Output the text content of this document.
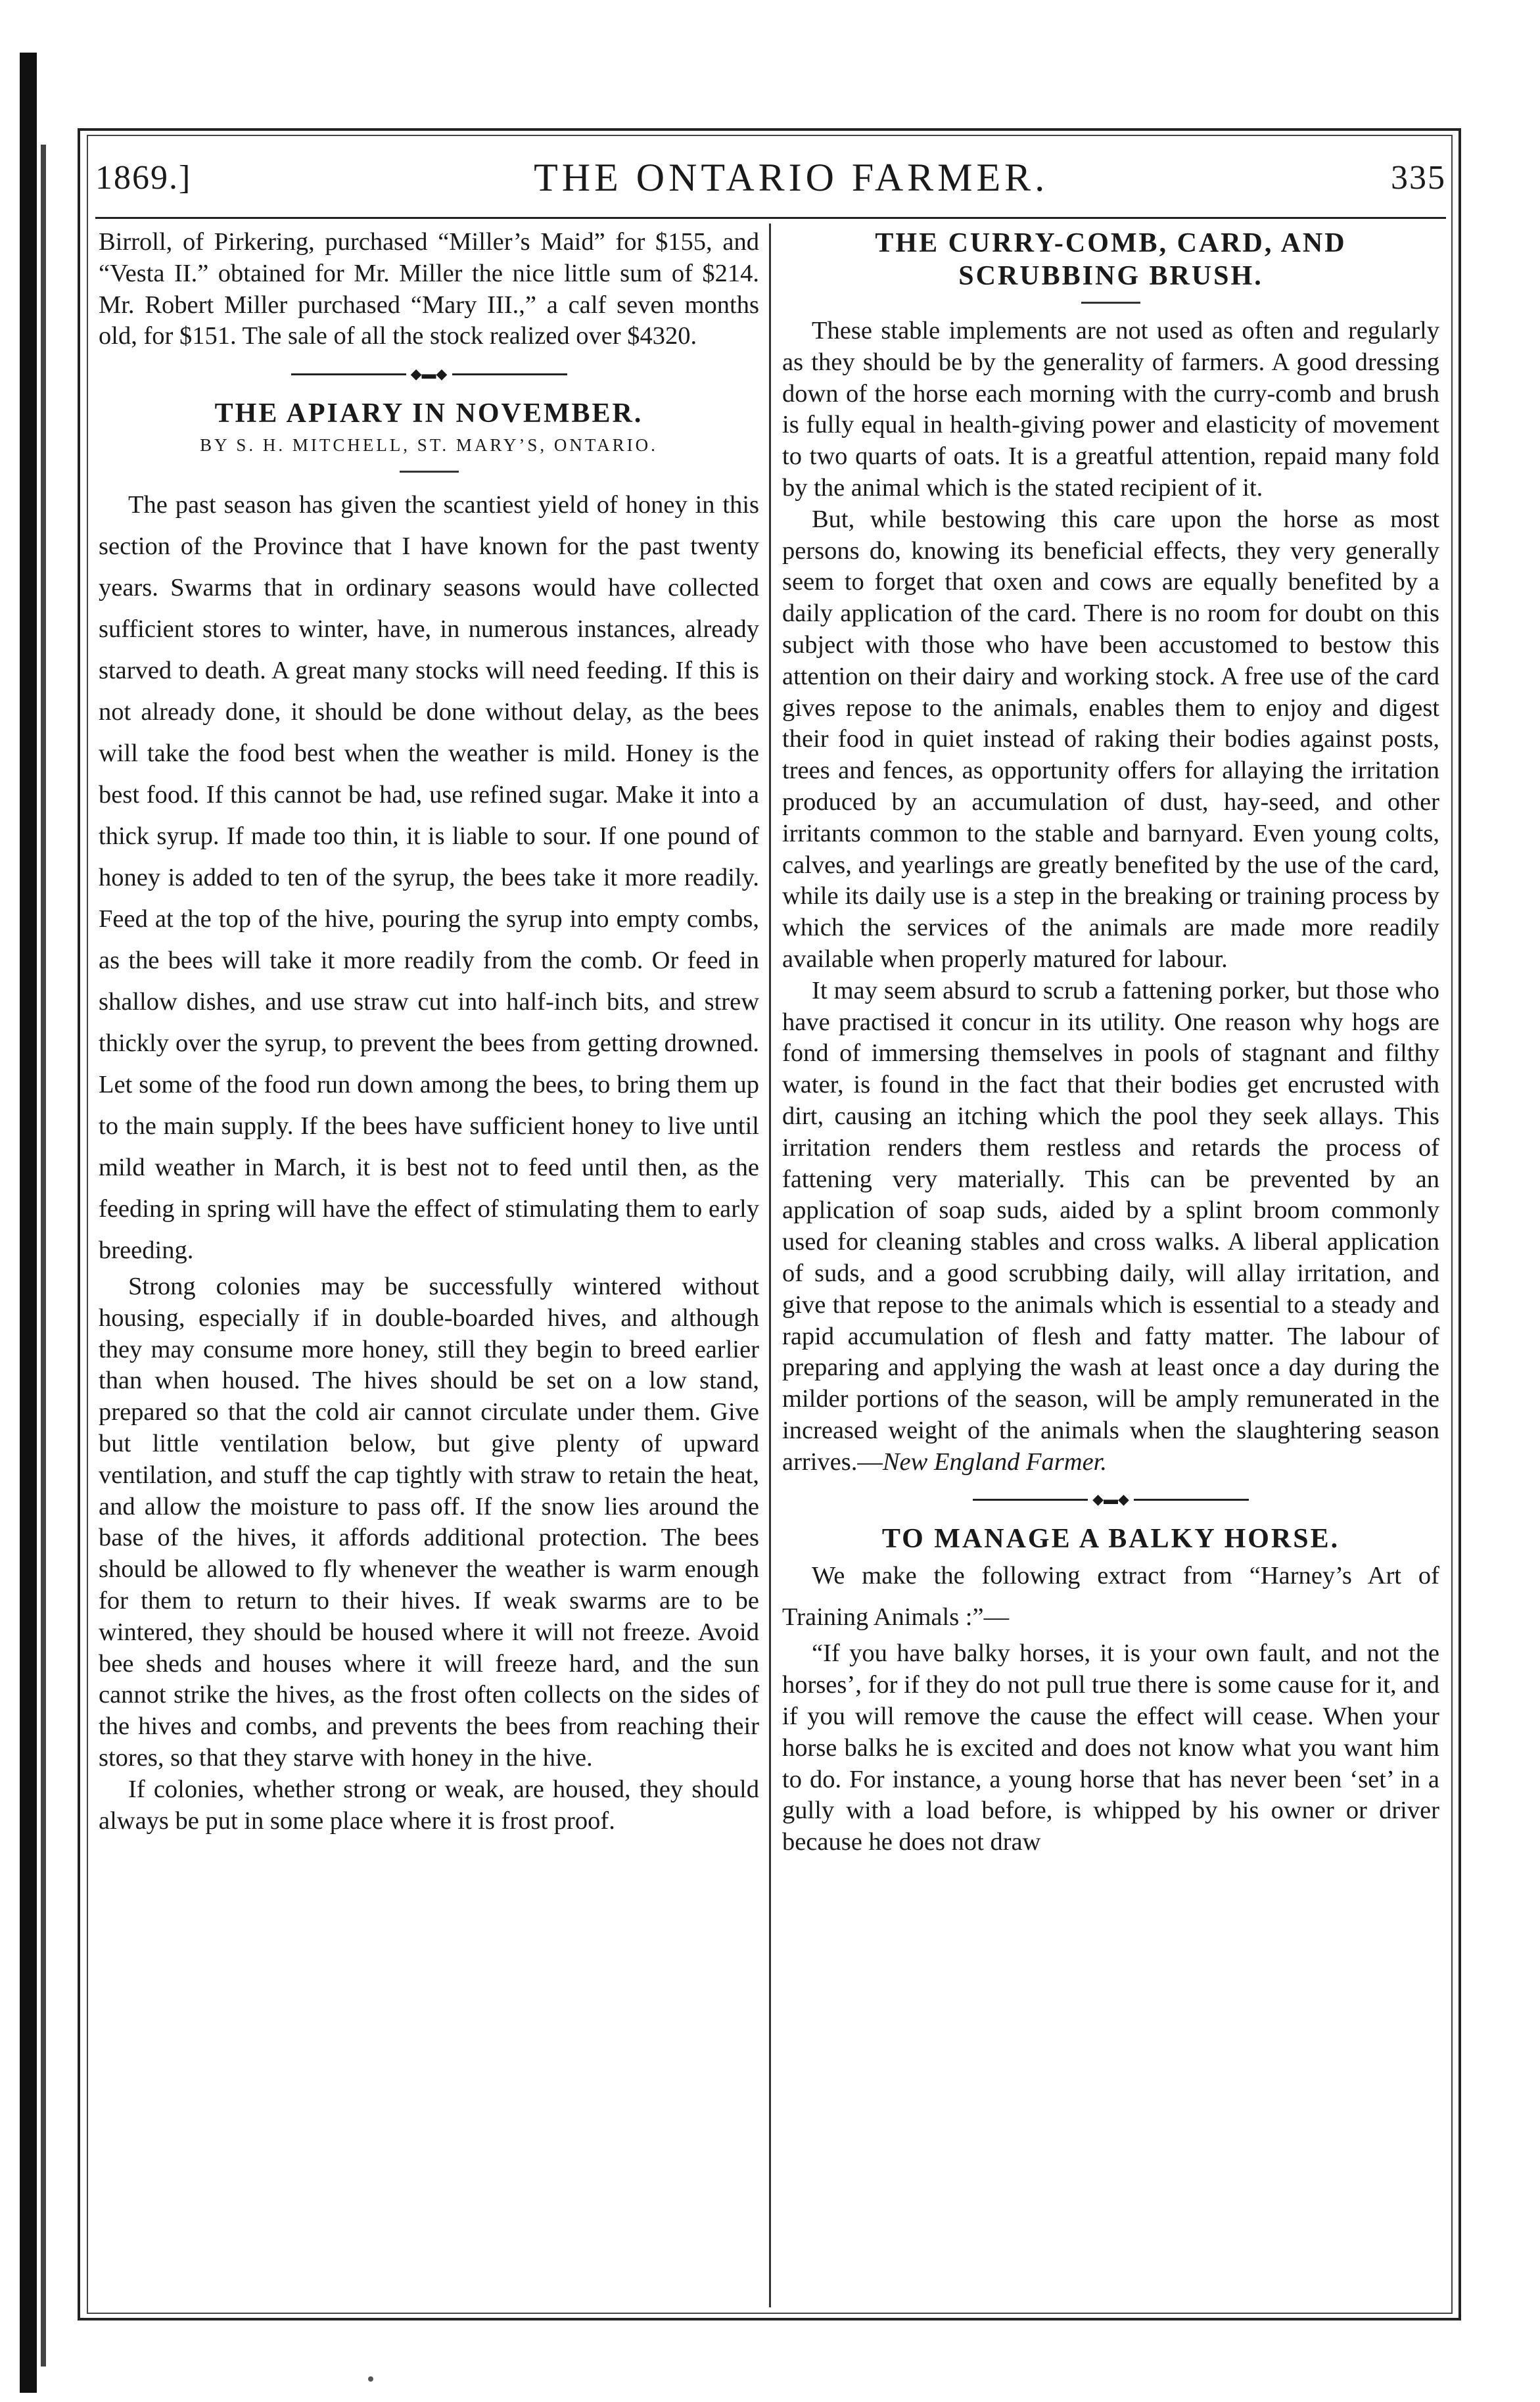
1869.]	THE ONTARIO FARMER.	335

Birroll, of Pirkering, purchased “Miller’s Maid” for $155, and “Vesta II.” obtained for Mr. Miller the nice little sum of $214. Mr. Robert Miller purchased “Mary III.,” a calf seven months old, for $151. The sale of all the stock realized over $4320.

◆▬◆
THE APIARY IN NOVEMBER.

BY S. H. MITCHELL, ST. MARY’S, ONTARIO.

The past season has given the scantiest yield of honey in this section of the Province that I have known for the past twenty years. Swarms that in ordinary seasons would have collected sufficient stores to winter, have, in numerous instances, already starved to death. A great many stocks will need feeding. If this is not already done, it should be done without delay, as the bees will take the food best when the weather is mild. Honey is the best food. If this cannot be had, use refined sugar. Make it into a thick syrup. If made too thin, it is liable to sour. If one pound of honey is added to ten of the syrup, the bees take it more readily. Feed at the top of the hive, pouring the syrup into empty combs, as the bees will take it more readily from the comb. Or feed in shallow dishes, and use straw cut into half-inch bits, and strew thickly over the syrup, to prevent the bees from getting drowned. Let some of the food run down among the bees, to bring them up to the main supply. If the bees have sufficient honey to live until mild weather in March, it is best not to feed until then, as the feeding in spring will have the effect of stimulating them to early breeding.

Strong colonies may be successfully wintered without housing, especially if in double-boarded hives, and although they may consume more honey, still they begin to breed earlier than when housed. The hives should be set on a low stand, prepared so that the cold air cannot circulate under them. Give but little ventilation below, but give plenty of upward ventilation, and stuff the cap tightly with straw to retain the heat, and allow the moisture to pass off. If the snow lies around the base of the hives, it affords additional protection. The bees should be allowed to fly whenever the weather is warm enough for them to return to their hives. If weak swarms are to be wintered, they should be housed where it will not freeze. Avoid bee sheds and houses where it will freeze hard, and the sun cannot strike the hives, as the frost often collects on the sides of the hives and combs, and prevents the bees from reaching their stores, so that they starve with honey in the hive.

If colonies, whether strong or weak, are housed, they should always be put in some place where it is frost proof.

THE CURRY-COMB, CARD, AND SCRUBBING BRUSH.

These stable implements are not used as often and regularly as they should be by the generality of farmers. A good dressing down of the horse each morning with the curry-comb and brush is fully equal in health-giving power and elasticity of movement to two quarts of oats. It is a greatful attention, repaid many fold by the animal which is the stated recipient of it.

But, while bestowing this care upon the horse as most persons do, knowing its beneficial effects, they very generally seem to forget that oxen and cows are equally benefited by a daily application of the card. There is no room for doubt on this subject with those who have been accustomed to bestow this attention on their dairy and working stock. A free use of the card gives repose to the animals, enables them to enjoy and digest their food in quiet instead of raking their bodies against posts, trees and fences, as opportunity offers for allaying the irritation produced by an accumulation of dust, hay-seed, and other irritants common to the stable and barnyard. Even young colts, calves, and yearlings are greatly benefited by the use of the card, while its daily use is a step in the breaking or training process by which the services of the animals are made more readily available when properly matured for labour.

It may seem absurd to scrub a fattening porker, but those who have practised it concur in its utility. One reason why hogs are fond of immersing themselves in pools of stagnant and filthy water, is found in the fact that their bodies get encrusted with dirt, causing an itching which the pool they seek allays. This irritation renders them restless and retards the process of fattening very materially. This can be prevented by an application of soap suds, aided by a splint broom commonly used for cleaning stables and cross walks. A liberal application of suds, and a good scrubbing daily, will allay irritation, and give that repose to the animals which is essential to a steady and rapid accumulation of flesh and fatty matter. The labour of preparing and applying the wash at least once a day during the milder portions of the season, will be amply remunerated in the increased weight of the animals when the slaughtering season arrives.—New England Farmer.

◆▬◆
TO MANAGE A BALKY HORSE.

We make the following extract from “Harney’s Art of Training Animals :”—

“If you have balky horses, it is your own fault, and not the horses’, for if they do not pull true there is some cause for it, and if you will remove the cause the effect will cease. When your horse balks he is excited and does not know what you want him to do. For instance, a young horse that has never been ‘set’ in a gully with a load before, is whipped by his owner or driver because he does not draw
